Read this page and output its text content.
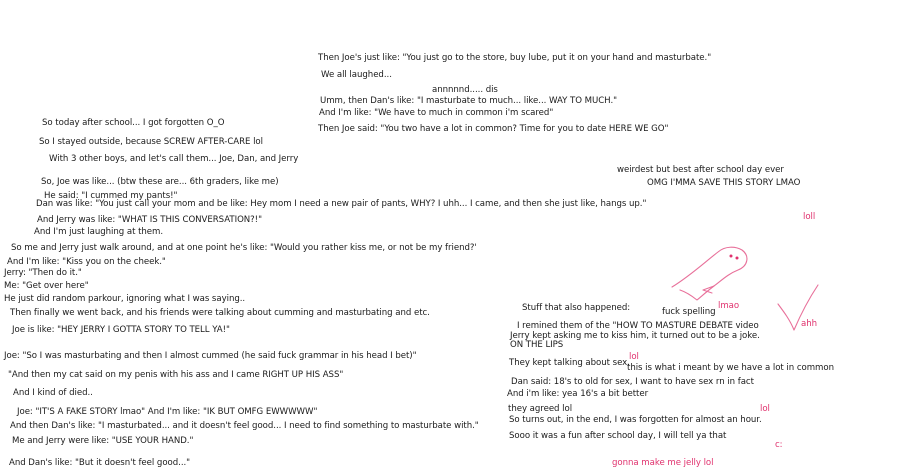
So today after school... I got forgotten O_O
So I stayed outside, because SCREW AFTER-CARE lol
With 3 other boys, and let's call them... Joe, Dan, and Jerry
So, Joe was like... (btw these are... 6th graders, like me)
He said: "I cummed my pants!"
Dan was like: "You just call your mom and be like: Hey mom I need a new pair of pants, WHY? I uhh... I came, and then she just like, hangs up."
And Jerry was like: "WHAT IS THIS CONVERSATION?!"
And I'm just laughing at them.
So me and Jerry just walk around, and at one point he's like: "Would you rather kiss me, or not be my friend?'
And I'm like: "Kiss you on the cheek."
Jerry: "Then do it."
Me: "Get over here"
He just did random parkour, ignoring what I was saying..
Then finally we went back, and his friends were talking about cumming and masturbating and etc.
Joe is like: "HEY JERRY I GOTTA STORY TO TELL YA!"
Joe: "So I was masturbating and then I almost cummed (he said fuck grammar in his head I bet)"
"And then my cat said on my penis with his ass and I came RIGHT UP HIS ASS"
And I kind of died..
Joe: "IT'S A FAKE STORY lmao" And I'm like: "IK BUT OMFG EWWWWW"
And then Dan's like: "I masturbated... and it doesn't feel good... I need to find something to masturbate with."
Me and Jerry were like: "USE YOUR HAND."
And Dan's like: "But it doesn't feel good..."
Then Joe's just like: "You just go to the store, buy lube, put it on your hand and masturbate."
We all laughed...
annnnnd..... dis
Umm, then Dan's like: "I masturbate to much... like... WAY TO MUCH."
And I'm like: "We have to much in common i'm scared"
Then Joe said: "You two have a lot in common? Time for you to date HERE WE GO"
weirdest but best after school day ever
OMG I'MMA SAVE THIS STORY LMAO
Stuff that also happened:	fuck spelling
I remined them of the "HOW TO MASTURE DEBATE video
Jerry kept asking me to kiss him, it turned out to be a joke.
ON THE LIPS
They kept talking about sex.
this is what i meant by we have a lot in common
Dan said: 18's to old for sex, I want to have sex rn in fact
And i'm like: yea 16's a bit better
they agreed lol
So turns out, in the end, I was forgotten for almost an hour.
Sooo it was a fun after school day, I will tell ya that
loll
lmao
ahh
lol
lol
c:
gonna make me jelly lol
